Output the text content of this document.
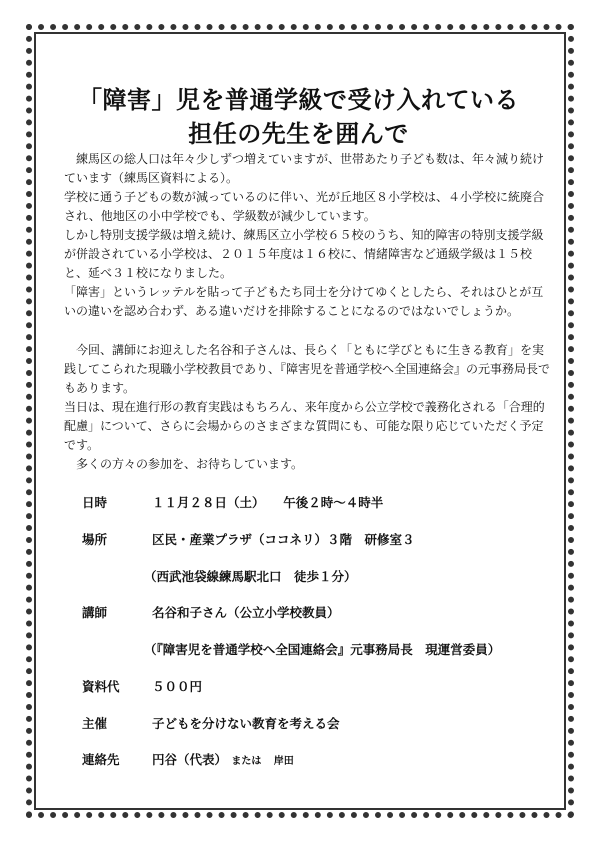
「障害」児を普通学級で受け入れている
担任の先生を囲んで

練馬区の総人口は年々少しずつ増えていますが、世帯あたり子ども数は、年々減り続けています（練馬区資料による）。

学校に通う子どもの数が減っているのに伴い、光が丘地区８小学校は、４小学校に統廃合され、他地区の小中学校でも、学級数が減少しています。

しかし特別支援学級は増え続け、練馬区立小学校６５校のうち、知的障害の特別支援学級が併設されている小学校は、２０１５年度は１６校に、情緒障害など通級学級は１５校と、延べ３１校になりました。

「障害」というレッテルを貼って子どもたち同士を分けてゆくとしたら、それはひとが互いの違いを認め合わず、ある違いだけを排除することになるのではないでしょうか。

今回、講師にお迎えした名谷和子さんは、長らく「ともに学びともに生きる教育」を実践してこられた現職小学校教員であり、『障害児を普通学校へ全国連絡会』の元事務局長でもあります。

当日は、現在進行形の教育実践はもちろん、来年度から公立学校で義務化される「合理的配慮」について、さらに会場からのさまざまな質問にも、可能な限り応じていただく予定です。

多くの方々の参加を、お待ちしています。

日時	１１月２８日（土）　　午後２時～４時半
場所	区民・産業プラザ（ココネリ）３階　研修室３
（西武池袋線練馬駅北口　徒歩１分）
講師	名谷和子さん（公立小学校教員）
（『障害児を普通学校へ全国連絡会』元事務局長　現運営委員）
資料代	５００円
主催	子どもを分けない教育を考える会
連絡先	円谷（代表） または 岸田
